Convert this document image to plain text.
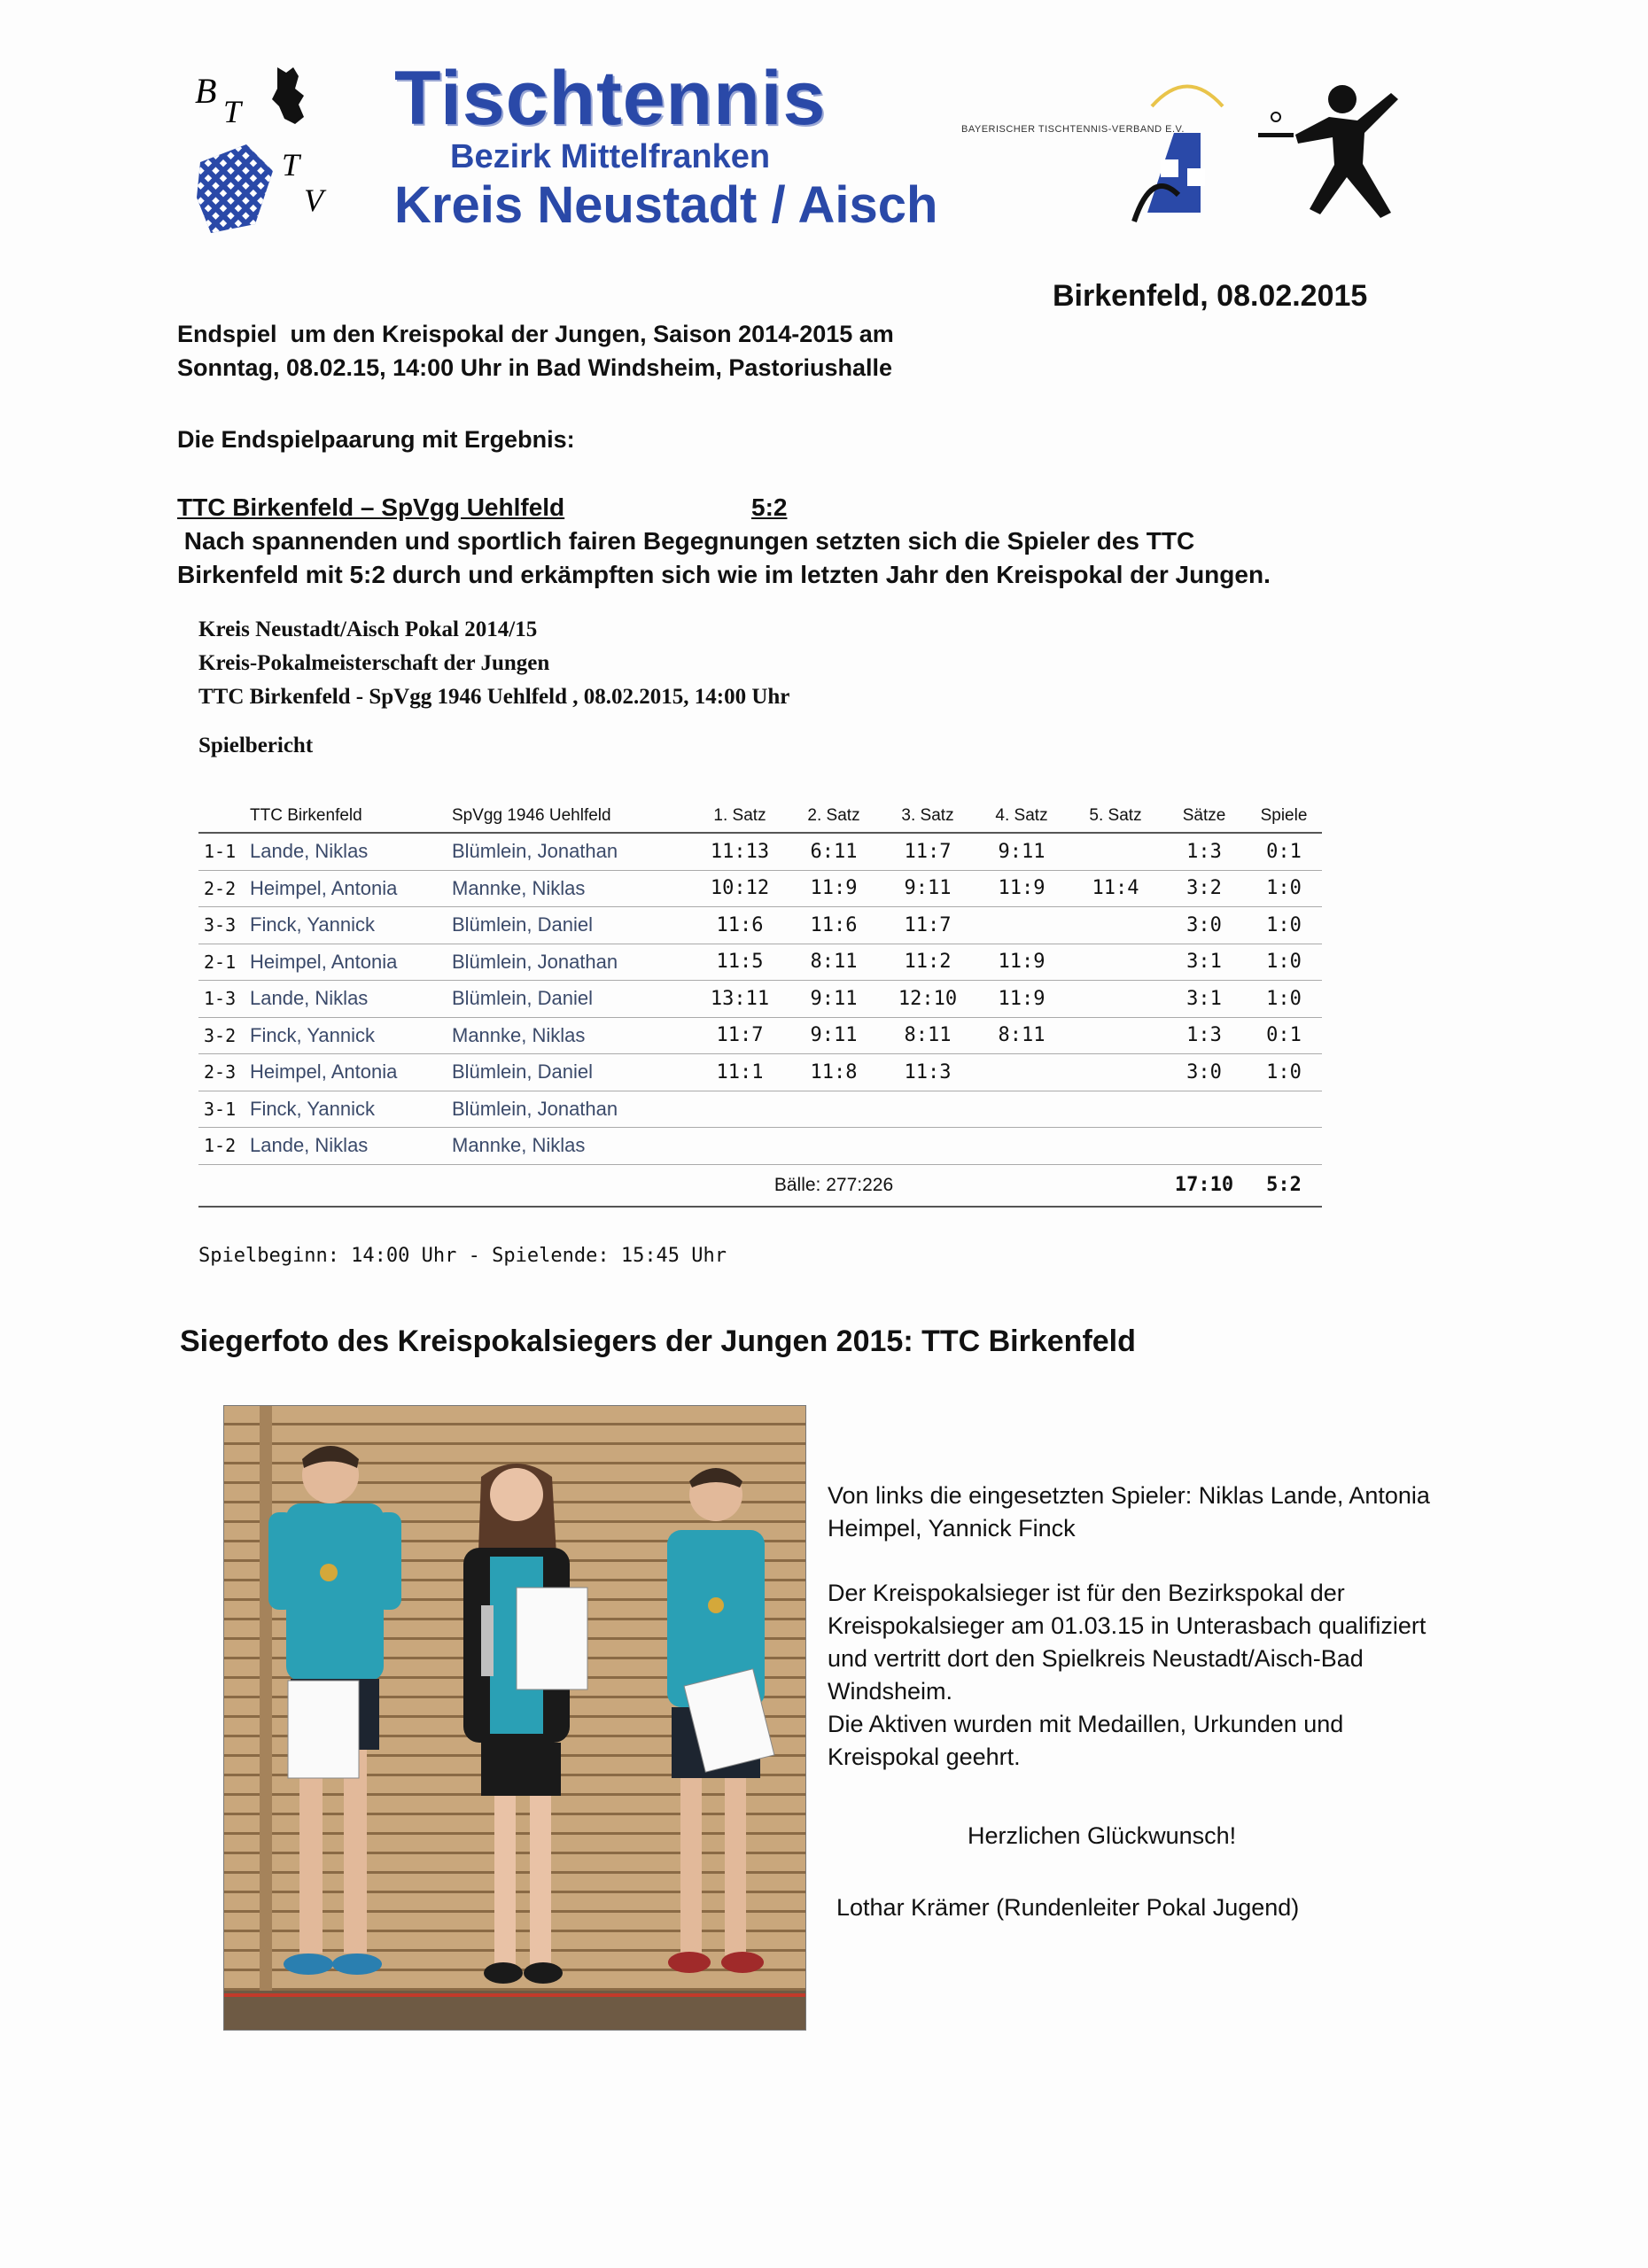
B
T
T
V
Tischtennis
Bezirk Mittelfranken
Kreis Neustadt / Aisch
BAYERISCHER TISCHTENNIS-VERBAND E.V.
Birkenfeld, 08.02.2015
Endspiel  um den Kreispokal der Jungen, Saison 2014-2015 am
Sonntag, 08.02.15, 14:00 Uhr in Bad Windsheim, Pastoriushalle
Die Endspielpaarung mit Ergebnis:
TTC Birkenfeld – SpVgg Uehlfeld	5:2
Nach spannenden und sportlich fairen Begegnungen setzten sich die Spieler des TTC
Birkenfeld mit 5:2 durch und erkämpften sich wie im letzten Jahr den Kreispokal der Jungen.
Kreis Neustadt/Aisch Pokal 2014/15
Kreis-Pokalmeisterschaft der Jungen
TTC Birkenfeld - SpVgg 1946 Uehlfeld , 08.02.2015, 14:00 Uhr
Spielbericht
	TTC Birkenfeld	SpVgg 1946 Uehlfeld	1. Satz	2. Satz	3. Satz	4. Satz	5. Satz	Sätze	Spiele
1-1	Lande, Niklas	Blümlein, Jonathan	11:13	6:11	11:7	9:11		1:3	0:1
2-2	Heimpel, Antonia	Mannke, Niklas	10:12	11:9	9:11	11:9	11:4	3:2	1:0
3-3	Finck, Yannick	Blümlein, Daniel	11:6	11:6	11:7			3:0	1:0
2-1	Heimpel, Antonia	Blümlein, Jonathan	11:5	8:11	11:2	11:9		3:1	1:0
1-3	Lande, Niklas	Blümlein, Daniel	13:11	9:11	12:10	11:9		3:1	1:0
3-2	Finck, Yannick	Mannke, Niklas	11:7	9:11	8:11	8:11		1:3	0:1
2-3	Heimpel, Antonia	Blümlein, Daniel	11:1	11:8	11:3			3:0	1:0
3-1	Finck, Yannick	Blümlein, Jonathan							
1-2	Lande, Niklas	Mannke, Niklas							
			Bälle: 277:226					17:10	5:2
Spielbeginn: 14:00 Uhr - Spielende: 15:45 Uhr
Siegerfoto des Kreispokalsiegers der Jungen 2015: TTC Birkenfeld

Von links die eingesetzten Spieler: Niklas Lande, Antonia Heimpel, Yannick Finck

Der Kreispokalsieger ist für den Bezirkspokal der Kreispokalsieger am 01.03.15 in Unterasbach qualifiziert und vertritt dort den Spielkreis Neustadt/Aisch-Bad Windsheim.
Die Aktiven wurden mit Medaillen, Urkunden und Kreispokal geehrt.
Herzlichen Glückwunsch!
Lothar Krämer (Rundenleiter Pokal Jugend)
